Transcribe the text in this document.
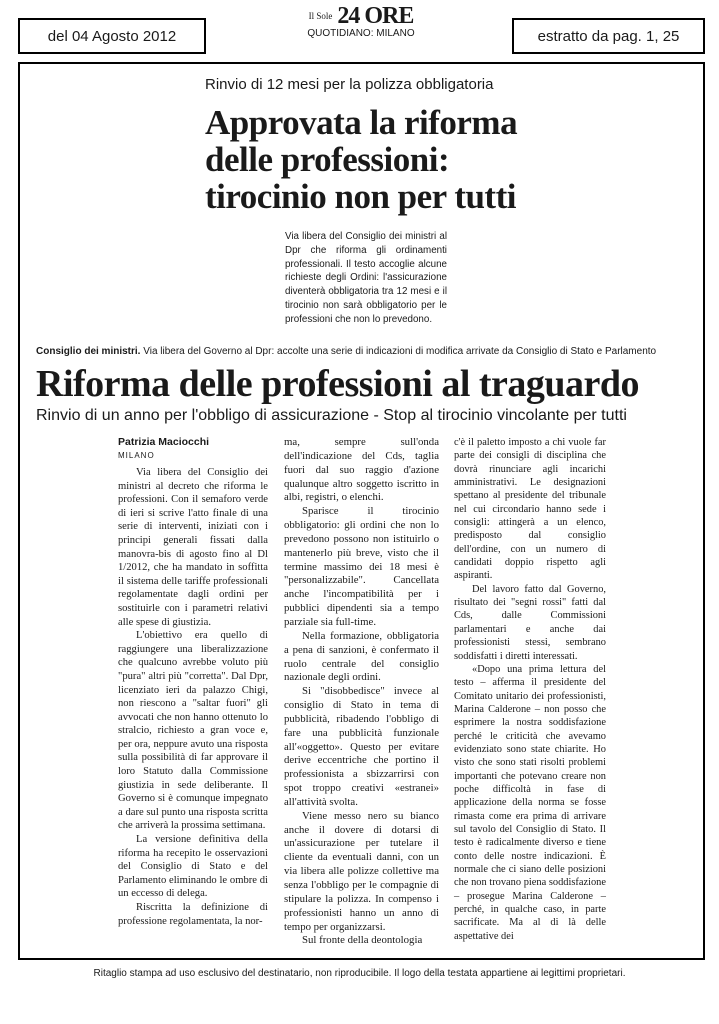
del 04 Agosto 2012
$^{Il Sole}$ 24 ORE
QUOTIDIANO: MILANO	estratto da pag. 1, 25
Rinvio di 12 mesi per la polizza obbligatoria
Approvata la riforma
delle professioni:
tirocinio non per tutti
Via libera del Consiglio dei ministri al Dpr che riforma gli ordinamenti professionali. Il testo accoglie alcune richieste degli Ordini: l'assicurazione diventerà obbligatoria tra 12 mesi e il tirocinio non sarà obbligatorio per le professioni che non lo prevedono.
Consiglio dei ministri. Via libera del Governo al Dpr: accolte una serie di indicazioni di modifica arrivate da Consiglio di Stato e Parlamento
Riforma delle professioni al traguardo
Rinvio di un anno per l'obbligo di assicurazione - Stop al tirocinio vincolante per tutti
Patrizia Maciocchi
MILANO

Via libera del Consiglio dei ministri al decreto che riforma le professioni. Con il semaforo verde di ieri si scrive l'atto finale di una serie di interventi, iniziati con i principi generali fissati dalla manovra-bis di agosto fino al Dl 1/2012, che ha mandato in soffitta il sistema delle tariffe professionali regolamentate dagli ordini per sostituirle con i parametri relativi alle spese di giustizia.

L'obiettivo era quello di raggiungere una liberalizzazione che qualcuno avrebbe voluto più "pura" altri più "corretta". Dal Dpr, licenziato ieri da palazzo Chigi, non riescono a "saltar fuori" gli avvocati che non hanno ottenuto lo stralcio, richiesto a gran voce e, per ora, neppure avuto una risposta sulla possibilità di far approvare il loro Statuto dalla Commissione giustizia in sede deliberante. Il Governo si è comunque impegnato a dare sul punto una risposta scritta che arriverà la prossima settimana.

La versione definitiva della riforma ha recepito le osservazioni del Consiglio di Stato e del Parlamento eliminando le ombre di un eccesso di delega.

Riscritta la definizione di professione regolamentata, la nor-

ma, sempre sull'onda dell'indicazione del Cds, taglia fuori dal suo raggio d'azione qualunque altro soggetto iscritto in albi, registri, o elenchi.

Sparisce il tirocinio obbligatorio: gli ordini che non lo prevedono possono non istituirlo o mantenerlo più breve, visto che il termine massimo dei 18 mesi è "personalizzabile". Cancellata anche l'incompatibilità per i pubblici dipendenti sia a tempo parziale sia full-time.

Nella formazione, obbligatoria a pena di sanzioni, è confermato il ruolo centrale del consiglio nazionale degli ordini.

Si "disobbedisce" invece al consiglio di Stato in tema di pubblicità, ribadendo l'obbligo di fare una pubblicità funzionale all'«oggetto». Questo per evitare derive eccentriche che portino il professionista a sbizzarrirsi con spot troppo creativi «estranei» all'attività svolta.

Viene messo nero su bianco anche il dovere di dotarsi di un'assicurazione per tutelare il cliente da eventuali danni, con un via libera alle polizze collettive ma senza l'obbligo per le compagnie di stipulare la polizza. In compenso i professionisti hanno un anno di tempo per organizzarsi.

Sul fronte della deontologia

c'è il paletto imposto a chi vuole far parte dei consigli di disciplina che dovrà rinunciare agli incarichi amministrativi. Le designazioni spettano al presidente del tribunale nel cui circondario hanno sede i consigli: attingerà a un elenco, predisposto dal consiglio dell'ordine, con un numero di candidati doppio rispetto agli aspiranti.

Del lavoro fatto dal Governo, risultato dei "segni rossi" fatti dal Cds, dalle Commissioni parlamentari e anche dai professionisti stessi, sembrano soddisfatti i diretti interessati.

«Dopo una prima lettura del testo – afferma il presidente del Comitato unitario dei professionisti, Marina Calderone – non posso che esprimere la nostra soddisfazione perché le criticità che avevamo evidenziato sono state chiarite. Ho visto che sono stati risolti problemi importanti che potevano creare non poche difficoltà in fase di applicazione della norma se fosse rimasta come era prima di arrivare sul tavolo del Consiglio di Stato. Il testo è radicalmente diverso e tiene conto delle nostre indicazioni. È normale che ci siano delle posizioni che non trovano piena soddisfazione – prosegue Marina Calderone – perché, in qualche caso, in parte sacrificate. Ma al di là delle aspettative dei

Ritaglio stampa ad uso esclusivo del destinatario, non riproducibile. Il logo della testata appartiene ai legittimi proprietari.
